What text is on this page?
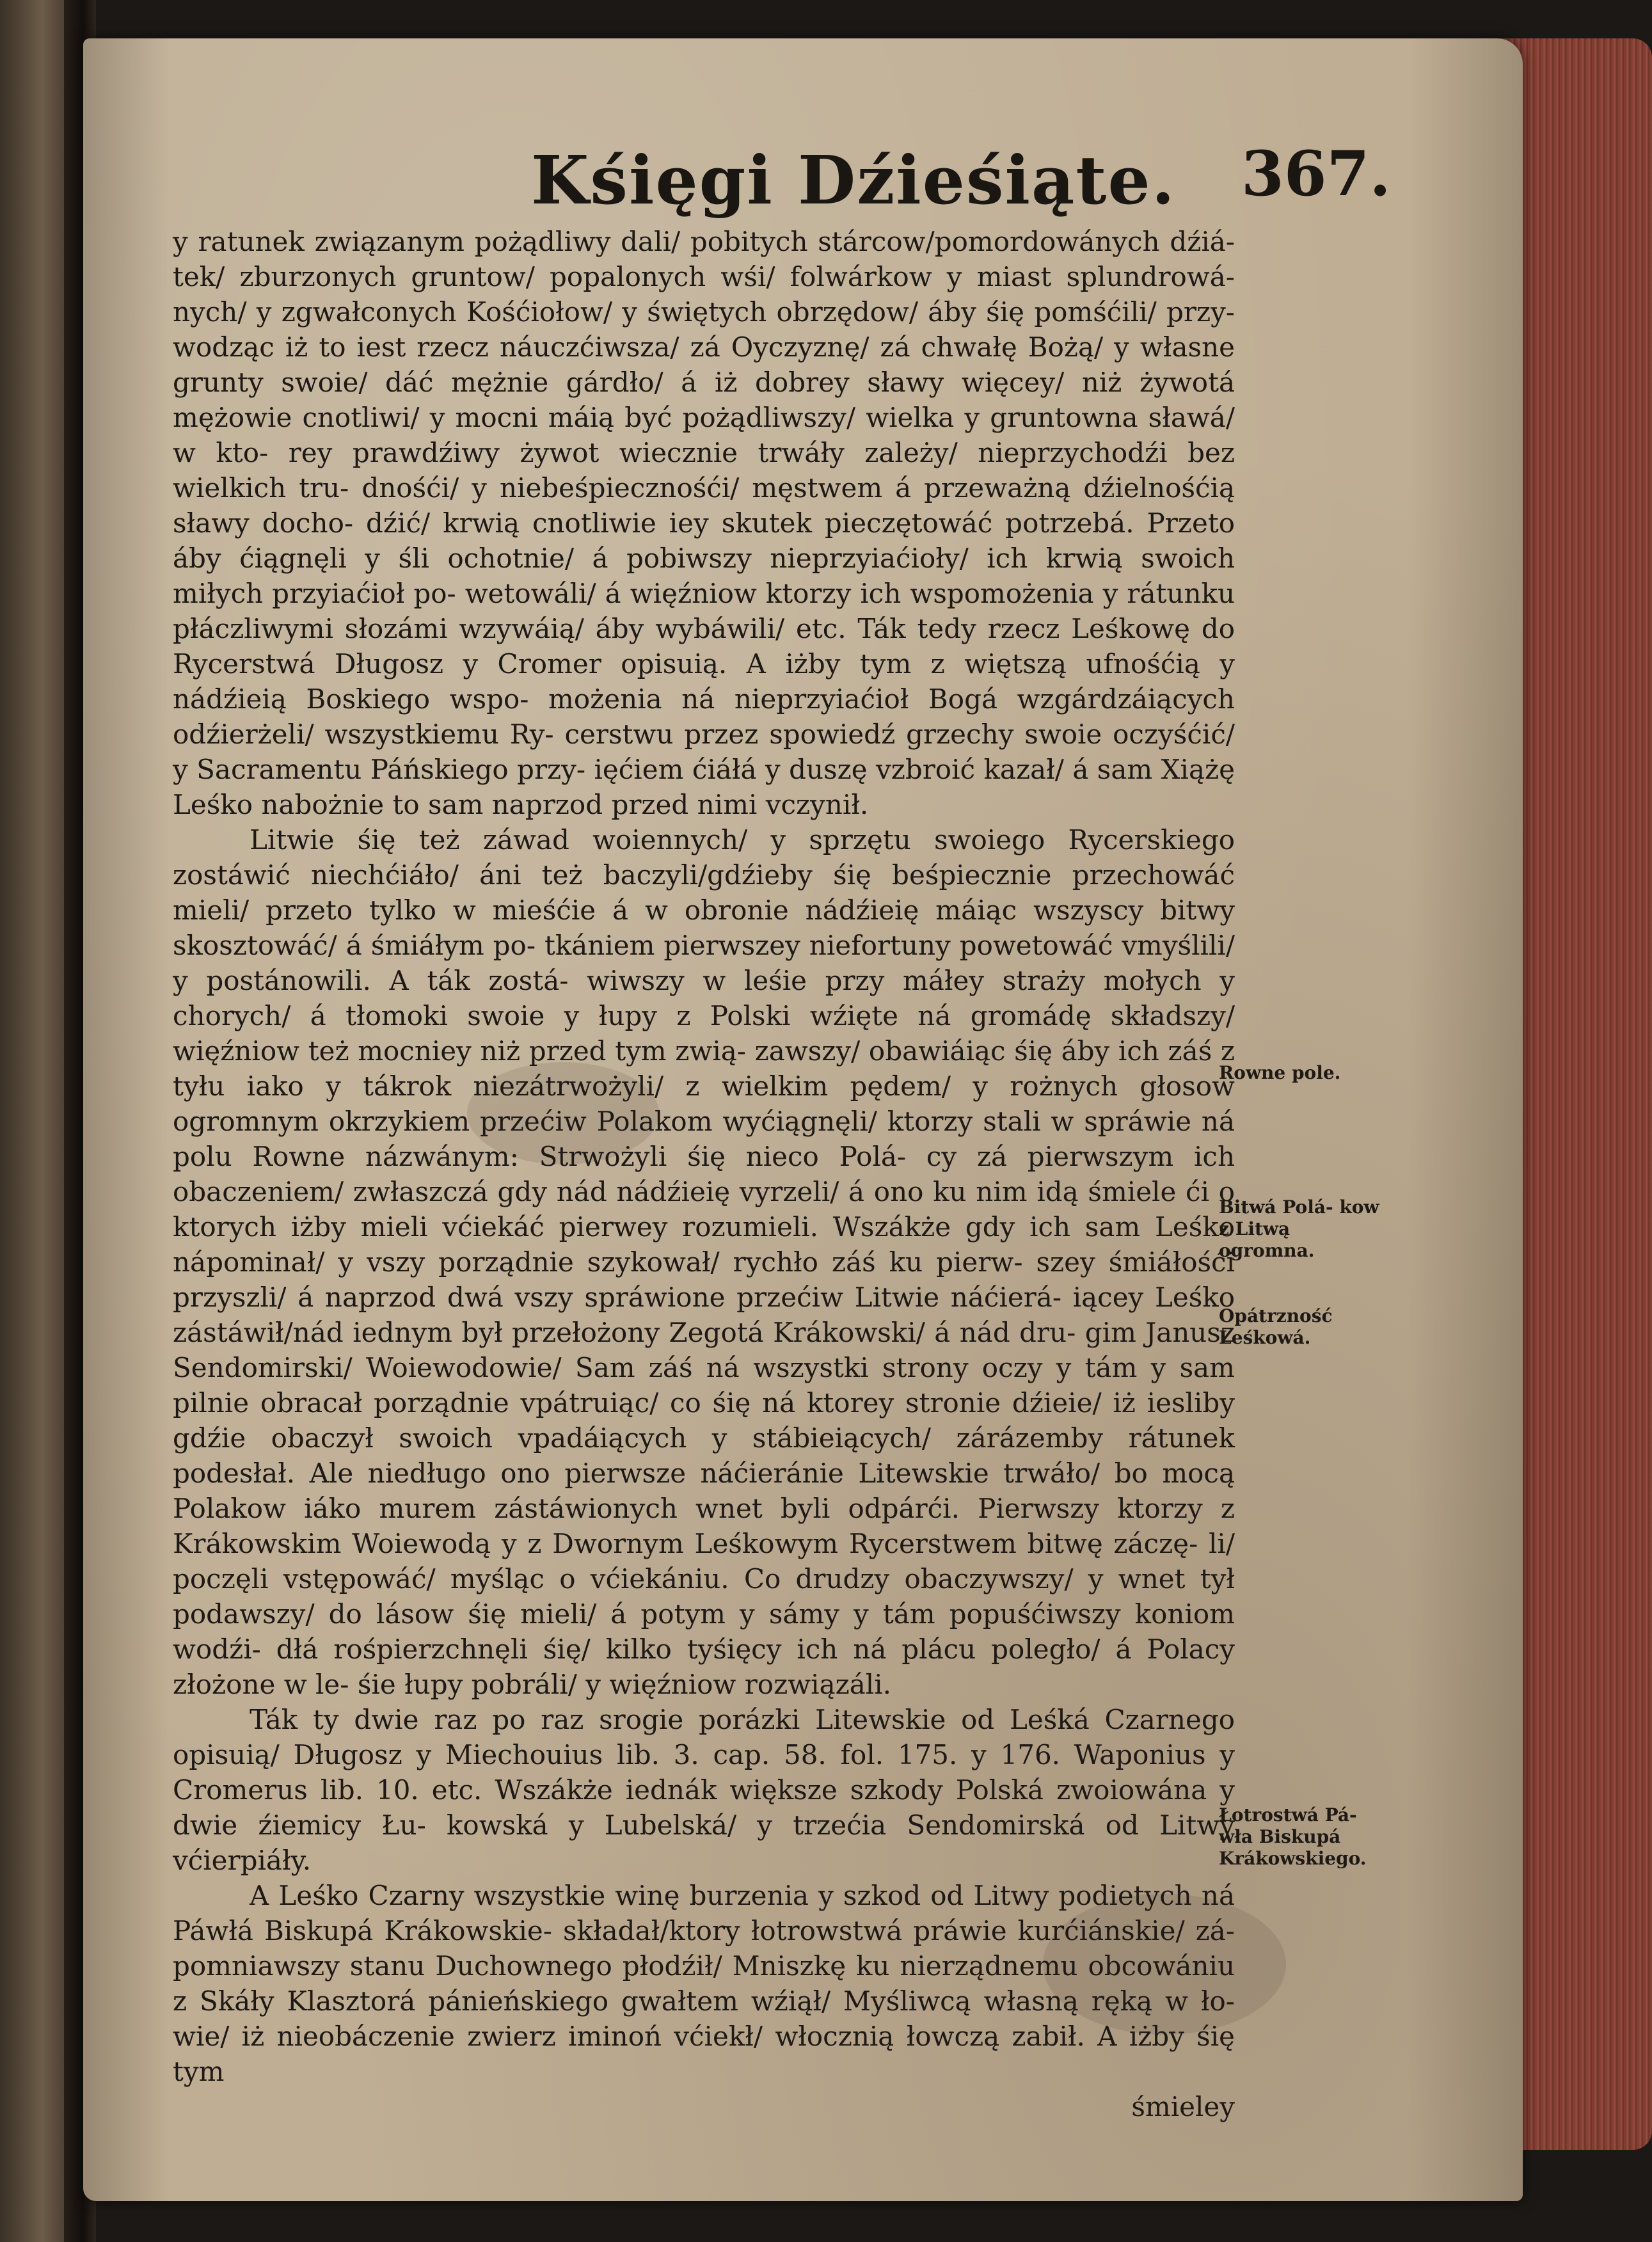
Kśięgi Dźieśiąte. 367.

y ratunek związanym pożądliwy dali/ pobitych stárcow/pomordowánych dźiá- tek/ zburzonych gruntow/ popalonych wśi/ folwárkow y miast splundrowá- nych/ y zgwałconych Kośćiołow/ y świętych obrzędow/ áby śię pomśćili/ przy- wodząc iż to iest rzecz náuczćiwsza/ zá Oyczyznę/ zá chwałę Bożą/ y własne grunty swoie/ dáć mężnie gárdło/ á iż dobrey sławy więcey/ niż żywotá mężowie cnotliwi/ y mocni máią być pożądliwszy/ wielka y gruntowna sławá/ w kto- rey prawdźiwy żywot wiecznie trwáły zależy/ nieprzychodźi bez wielkich tru- dnośći/ y niebeśpiecznośći/ męstwem á przeważną dźielnośćią sławy docho- dźić/ krwią cnotliwie iey skutek pieczętowáć potrzebá. Przeto áby ćiągnęli y śli ochotnie/ á pobiwszy nieprzyiaćioły/ ich krwią swoich miłych przyiaćioł po- wetowáli/ á więźniow ktorzy ich wspomożenia y rátunku płáczliwymi słozámi wzywáią/ áby wybáwili/ etc. Ták tedy rzecz Leśkowę do Rycerstwá Długosz y Cromer opisuią. A iżby tym z więtszą ufnośćią y nádźieią Boskiego wspo- możenia ná nieprzyiaćioł Bogá wzgárdzáiących odźierżeli/ wszystkiemu Ry- cerstwu przez spowiedź grzechy swoie oczyśćić/ y Sacramentu Páńskiego przy- ięćiem ćiáłá y duszę vzbroić kazał/ á sam Xiążę Leśko nabożnie to sam naprzod przed nimi vczynił.

Litwie śię też záwad woiennych/ y sprzętu swoiego Rycerskiego zostáwić niechćiáło/ áni też baczyli/gdźieby śię beśpiecznie przechowáć mieli/ przeto tylko w mieśćie á w obronie nádźieię máiąc wszyscy bitwy skosztowáć/ á śmiáłym po- tkániem pierwszey niefortuny powetowáć vmyślili/ y postánowili. A ták zostá- wiwszy w leśie przy máłey straży mołych y chorych/ á tłomoki swoie y łupy z Polski wźięte ná gromádę składszy/ więźniow też mocniey niż przed tym zwią- zawszy/ obawiáiąc śię áby ich záś z tyłu iako y tákrok niezátrwożyli/ z wielkim pędem/ y rożnych głosow ogromnym okrzykiem przećiw Polakom wyćiągnęli/ ktorzy stali w spráwie ná polu Rowne názwánym: Strwożyli śię nieco Polá- cy zá pierwszym ich obaczeniem/ zwłaszczá gdy nád nádźieię vyrzeli/ á ono ku nim idą śmiele ći o ktorych iżby mieli vćiekáć pierwey rozumieli. Wszákże gdy ich sam Leśko nápominał/ y vszy porządnie szykował/ rychło záś ku pierw- szey śmiáłośći przyszli/ á naprzod dwá vszy spráwione przećiw Litwie náćierá- iącey Leśko zástáwił/nád iednym był przełożony Zegotá Krákowski/ á nád dru- gim Janusz Sendomirski/ Woiewodowie/ Sam záś ná wszystki strony oczy y tám y sam pilnie obracał porządnie vpátruiąc/ co śię ná ktorey stronie dźieie/ iż iesliby gdźie obaczył swoich vpadáiących y stábieiących/ zárázemby rátunek podesłał. Ale niedługo ono pierwsze náćieránie Litewskie trwáło/ bo mocą Polakow iáko murem zástáwionych wnet byli odpárći. Pierwszy ktorzy z Krákowskim Woiewodą y z Dwornym Leśkowym Rycerstwem bitwę záczę- li/ poczęli vstępowáć/ myśląc o vćiekániu. Co drudzy obaczywszy/ y wnet tył podawszy/ do lásow śię mieli/ á potym y sámy y tám popuśćiwszy koniom wodźi- dłá rośpierzchnęli śię/ kilko tyśięcy ich ná plácu poległo/ á Polacy złożone w le- śie łupy pobráli/ y więźniow rozwiązáli.

Ták ty dwie raz po raz srogie porázki Litewskie od Leśká Czarnego opisuią/ Długosz y Miechouius lib. 3. cap. 58. fol. 175. y 176. Waponius y Cromerus lib. 10. etc. Wszákże iednák większe szkody Polská zwoiowána y dwie źiemicy Łu- kowská y Lubelská/ y trzećia Sendomirská od Litwy vćierpiáły.

A Leśko Czarny wszystkie winę burzenia y szkod od Litwy podietych ná Páwłá Biskupá Krákowskie- składał/ktory łotrowstwá práwie kurćiánskie/ zá- pomniawszy stanu Duchownego płodźił/ Mniszkę ku nierządnemu obcowániu z Skáły Klasztorá pánieńskiego gwałtem wźiął/ Myśliwcą własną ręką w ło- wie/ iż nieobáczenie zwierz iminoń vćiekł/ włocznią łowczą zabił. A iżby śię tym

śmieley
Rowne pole.
Bitwá Polá- kow z Litwą ogromna.
Opátrzność Leśkowá.
Łotrostwá Pá- wła Biskupá Krákowskiego.
